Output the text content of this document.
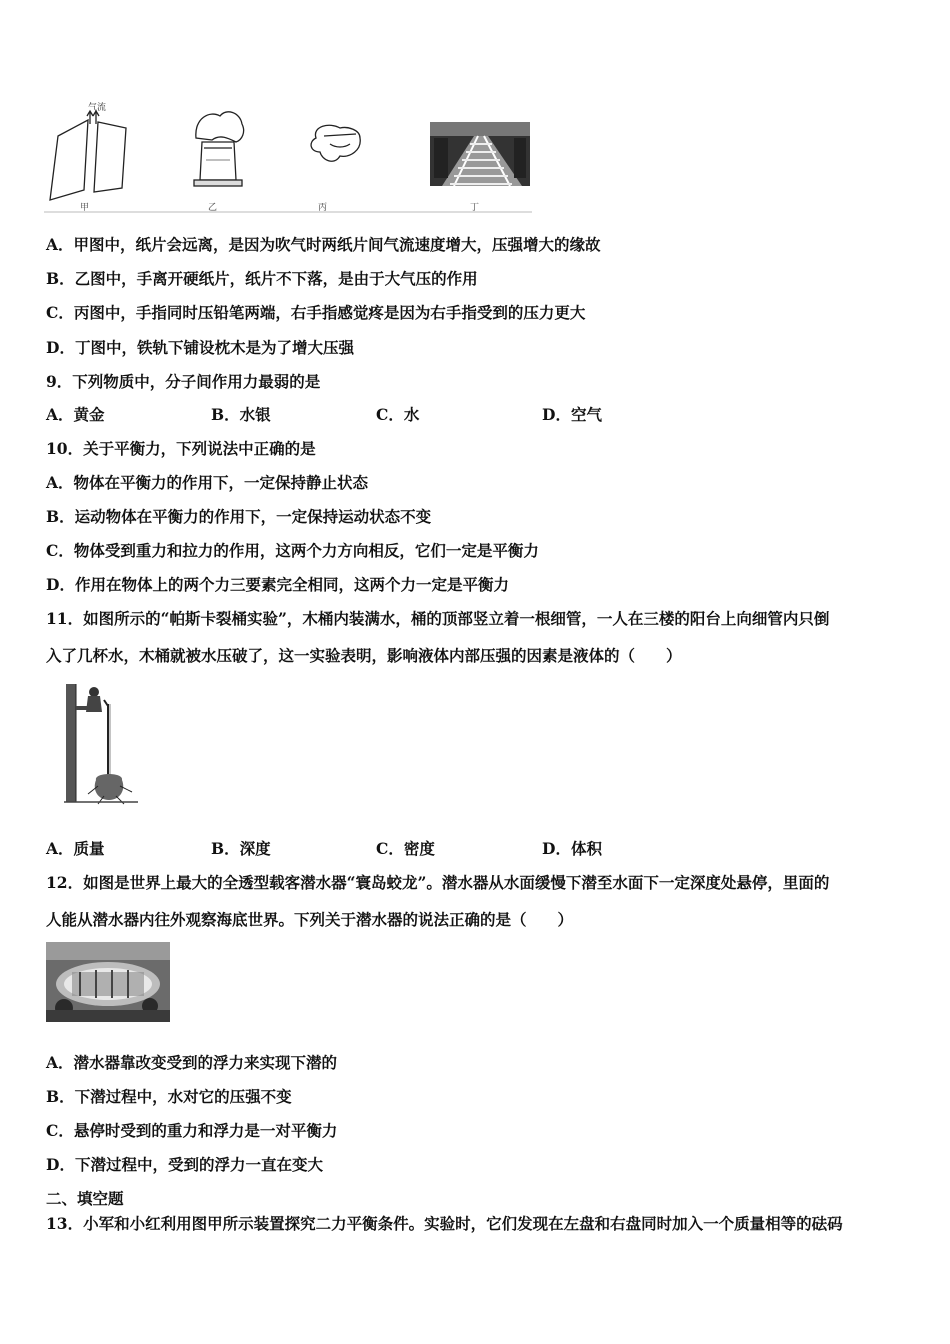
气流
甲	乙	丙	丁
A．甲图中，纸片会远离，是因为吹气时两纸片间气流速度增大，压强增大的缘故
B．乙图中，手离开硬纸片，纸片不下落，是由于大气压的作用
C．丙图中，手指同时压铅笔两端，右手指感觉疼是因为右手指受到的压力更大
D．丁图中，铁轨下铺设枕木是为了增大压强
9．下列物质中，分子间作用力最弱的是
A．黄金	B．水银	C．水	D．空气
10．关于平衡力，下列说法中正确的是
A．物体在平衡力的作用下，一定保持静止状态
B．运动物体在平衡力的作用下，一定保持运动状态不变
C．物体受到重力和拉力的作用，这两个力方向相反，它们一定是平衡力
D．作用在物体上的两个力三要素完全相同，这两个力一定是平衡力
11．如图所示的“帕斯卡裂桶实验”，木桶内装满水，桶的顶部竖立着一根细管，一人在三楼的阳台上向细管内只倒
入了几杯水，木桶就被水压破了，这一实验表明，影响液体内部压强的因素是液体的（　　）
A．质量	B．深度	C．密度	D．体积
12．如图是世界上最大的全透型载客潜水器“寰岛蛟龙”。潜水器从水面缓慢下潜至水面下一定深度处悬停，里面的
人能从潜水器内往外观察海底世界。下列关于潜水器的说法正确的是（　　）
A．潜水器靠改变受到的浮力来实现下潜的
B．下潜过程中，水对它的压强不变
C．悬停时受到的重力和浮力是一对平衡力
D．下潜过程中，受到的浮力一直在变大
二、填空题
13．小军和小红利用图甲所示装置探究二力平衡条件。实验时，它们发现在左盘和右盘同时加入一个质量相等的砝码
